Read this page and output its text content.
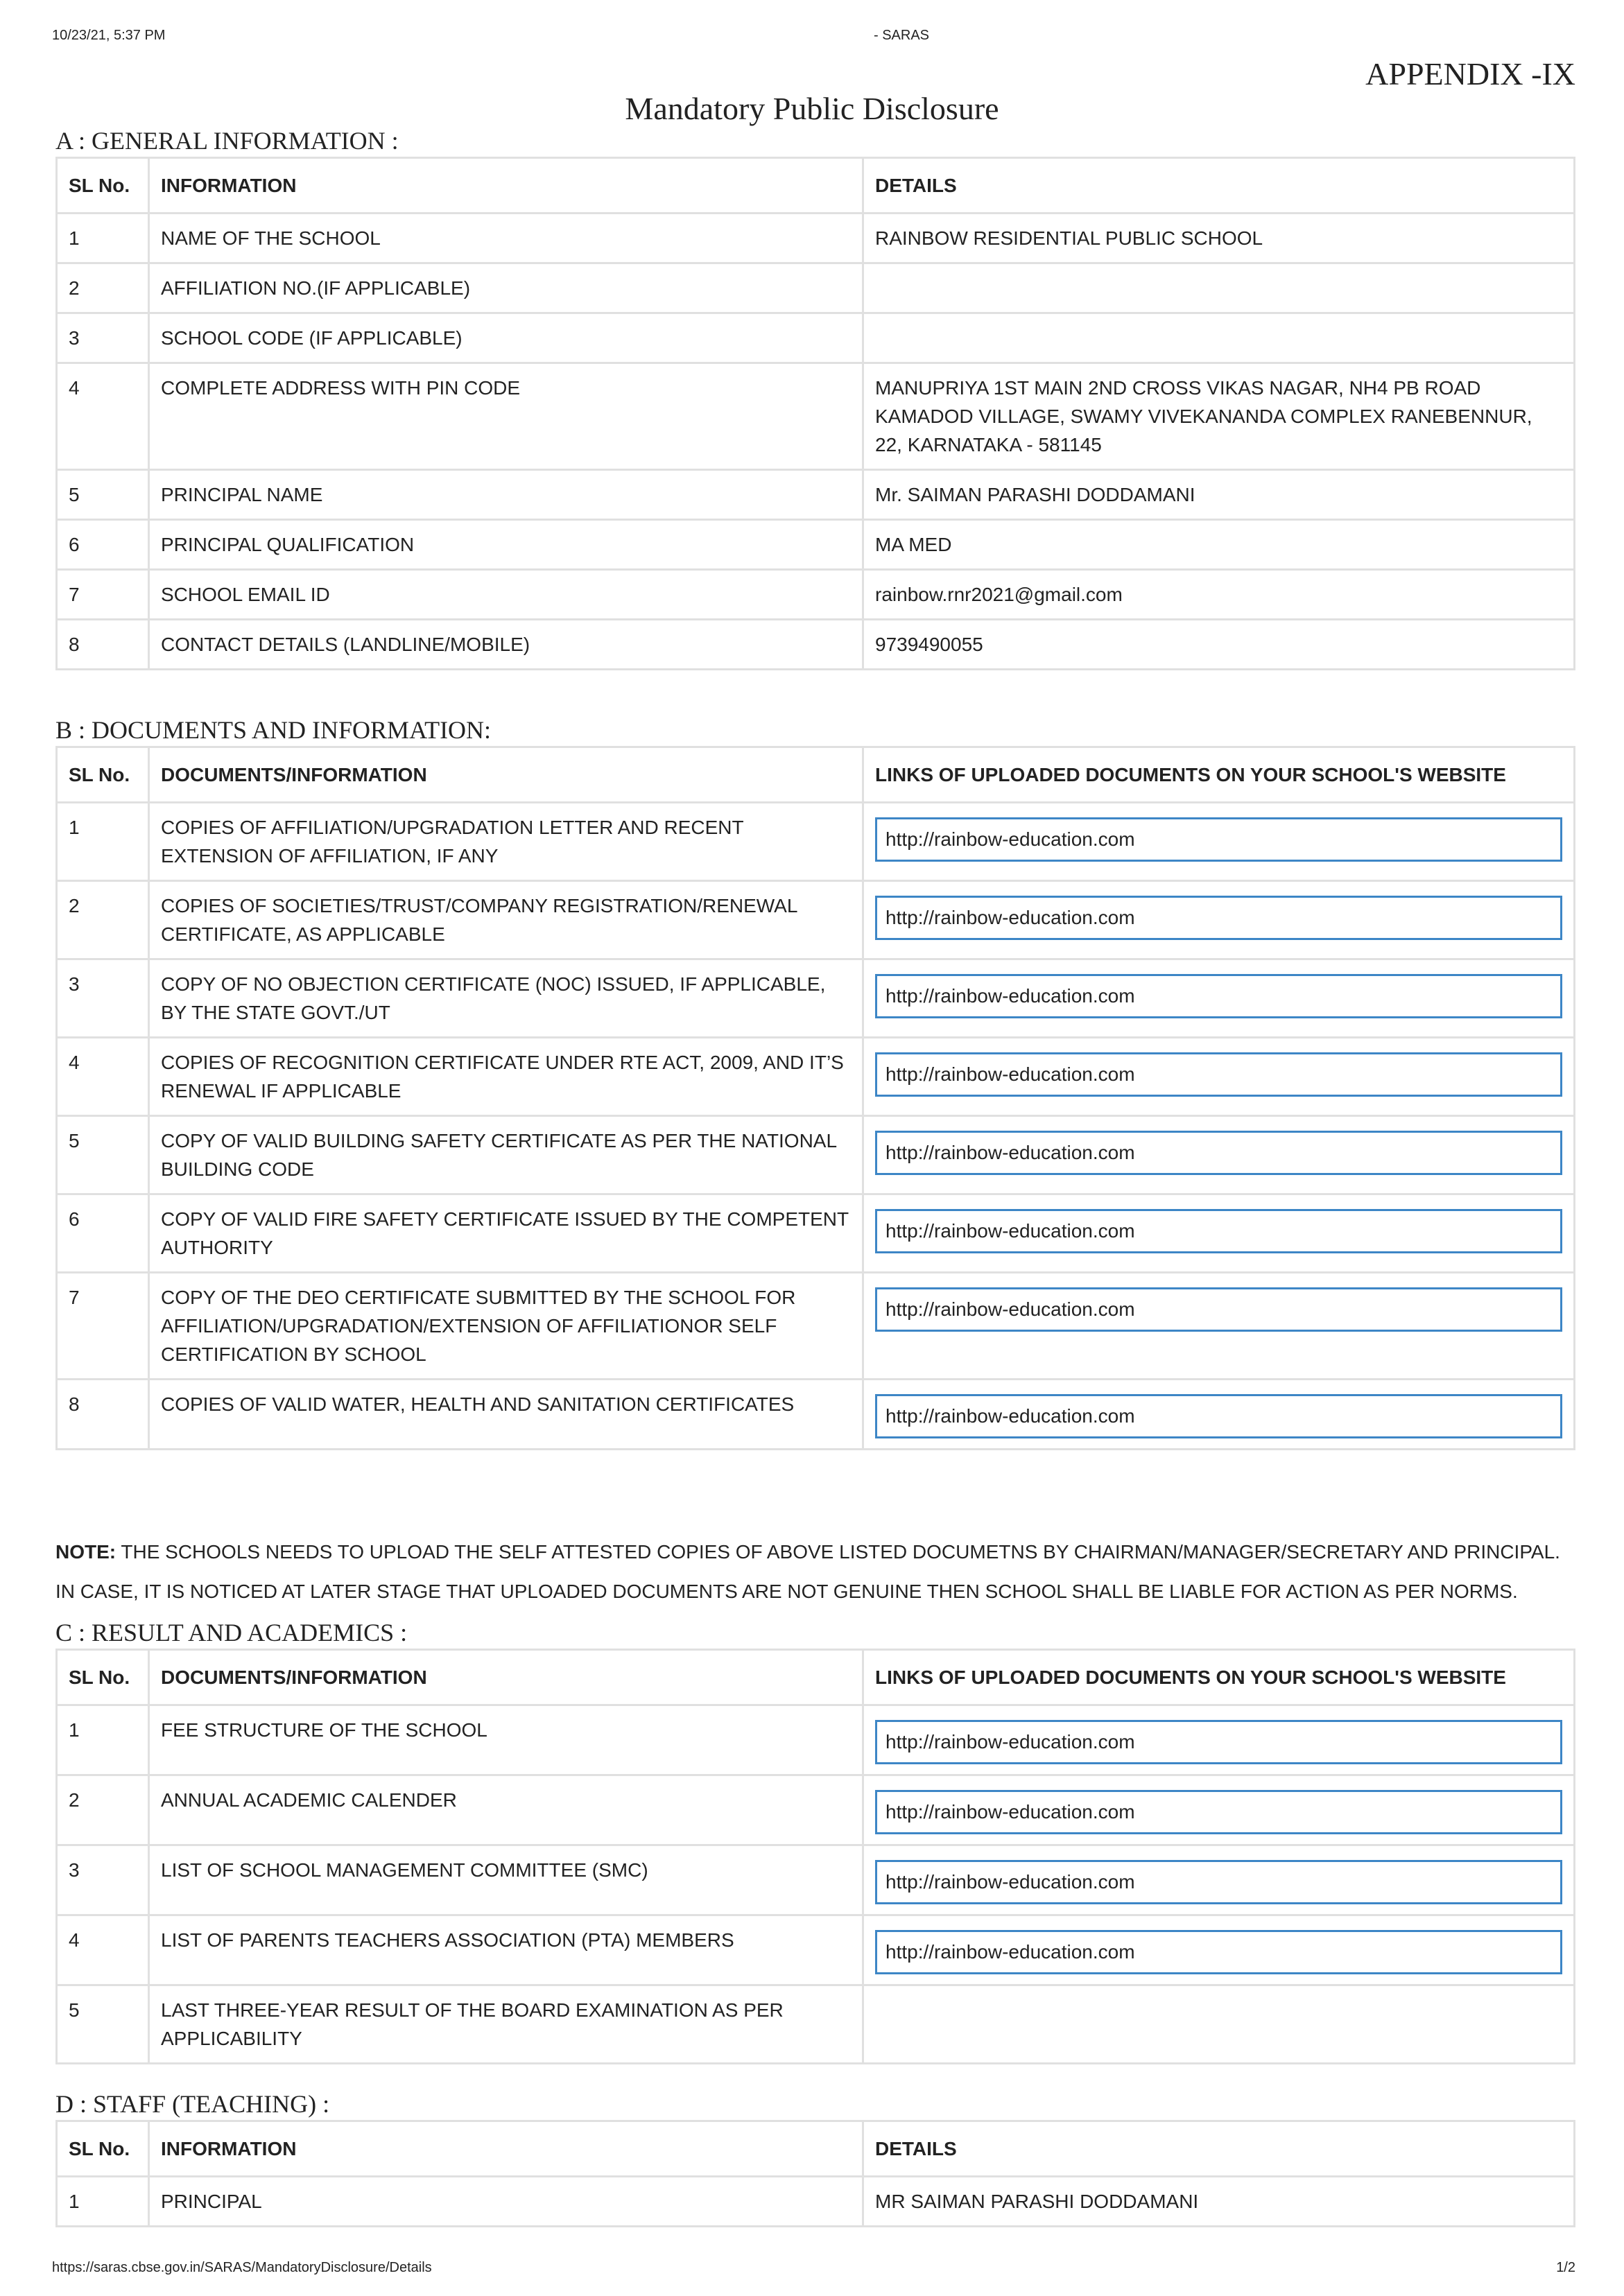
10/23/21, 5:37 PM	- SARAS
APPENDIX -IX
Mandatory Public Disclosure
A : GENERAL INFORMATION :
SL No.	INFORMATION	DETAILS
1	NAME OF THE SCHOOL	RAINBOW RESIDENTIAL PUBLIC SCHOOL
2	AFFILIATION NO.(IF APPLICABLE)	
3	SCHOOL CODE (IF APPLICABLE)	
4	COMPLETE ADDRESS WITH PIN CODE	MANUPRIYA 1ST MAIN 2ND CROSS VIKAS NAGAR, NH4 PB ROAD KAMADOD VILLAGE, SWAMY VIVEKANANDA COMPLEX RANEBENNUR, 22, KARNATAKA - 581145
5	PRINCIPAL NAME	Mr. SAIMAN PARASHI DODDAMANI
6	PRINCIPAL QUALIFICATION	MA MED
7	SCHOOL EMAIL ID	rainbow.rnr2021@gmail.com
8	CONTACT DETAILS (LANDLINE/MOBILE)	9739490055
B : DOCUMENTS AND INFORMATION:
SL No.	DOCUMENTS/INFORMATION	LINKS OF UPLOADED DOCUMENTS ON YOUR SCHOOL'S WEBSITE
1	COPIES OF AFFILIATION/UPGRADATION LETTER AND RECENT EXTENSION OF AFFILIATION, IF ANY	http://rainbow-education.com

2	COPIES OF SOCIETIES/TRUST/COMPANY REGISTRATION/RENEWAL CERTIFICATE, AS APPLICABLE	http://rainbow-education.com

3	COPY OF NO OBJECTION CERTIFICATE (NOC) ISSUED, IF APPLICABLE, BY THE STATE GOVT./UT	http://rainbow-education.com

4	COPIES OF RECOGNITION CERTIFICATE UNDER RTE ACT, 2009, AND IT’S RENEWAL IF APPLICABLE	http://rainbow-education.com

5	COPY OF VALID BUILDING SAFETY CERTIFICATE AS PER THE NATIONAL BUILDING CODE	http://rainbow-education.com

6	COPY OF VALID FIRE SAFETY CERTIFICATE ISSUED BY THE COMPETENT AUTHORITY	http://rainbow-education.com

7	COPY OF THE DEO CERTIFICATE SUBMITTED BY THE SCHOOL FOR AFFILIATION/UPGRADATION/EXTENSION OF AFFILIATIONOR SELF CERTIFICATION BY SCHOOL	http://rainbow-education.com

8	COPIES OF VALID WATER, HEALTH AND SANITATION CERTIFICATES	http://rainbow-education.com
NOTE: THE SCHOOLS NEEDS TO UPLOAD THE SELF ATTESTED COPIES OF ABOVE LISTED DOCUMETNS BY CHAIRMAN/MANAGER/SECRETARY AND PRINCIPAL. IN CASE, IT IS NOTICED AT LATER STAGE THAT UPLOADED DOCUMENTS ARE NOT GENUINE THEN SCHOOL SHALL BE LIABLE FOR ACTION AS PER NORMS.
C : RESULT AND ACADEMICS :
SL No.	DOCUMENTS/INFORMATION	LINKS OF UPLOADED DOCUMENTS ON YOUR SCHOOL'S WEBSITE
1	FEE STRUCTURE OF THE SCHOOL	http://rainbow-education.com

2	ANNUAL ACADEMIC CALENDER	http://rainbow-education.com

3	LIST OF SCHOOL MANAGEMENT COMMITTEE (SMC)	http://rainbow-education.com

4	LIST OF PARENTS TEACHERS ASSOCIATION (PTA) MEMBERS	http://rainbow-education.com

5	LAST THREE-YEAR RESULT OF THE BOARD EXAMINATION AS PER APPLICABILITY	
D : STAFF (TEACHING) :
SL No.	INFORMATION	DETAILS
1	PRINCIPAL	MR SAIMAN PARASHI DODDAMANI
https://saras.cbse.gov.in/SARAS/MandatoryDisclosure/Details	1/2
